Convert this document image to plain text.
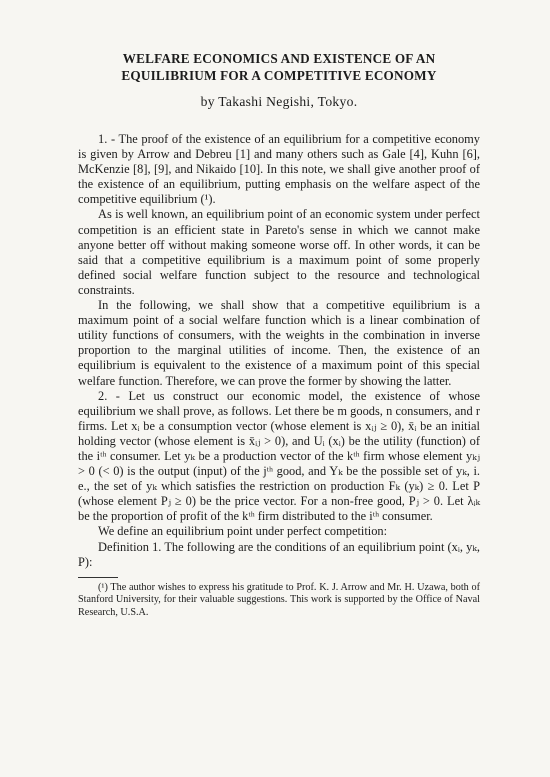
WELFARE ECONOMICS AND EXISTENCE OF AN
EQUILIBRIUM FOR A COMPETITIVE ECONOMY

by Takashi Negishi, Tokyo.

1. - The proof of the existence of an equilibrium for a competitive economy is given by Arrow and Debreu [1] and many others such as Gale [4], Kuhn [6], McKenzie [8], [9], and Nikaido [10]. In this note, we shall give another proof of the existence of an equilibrium, putting emphasis on the welfare aspect of the competitive equilibrium (¹).

As is well known, an equilibrium point of an economic system under perfect competition is an efficient state in Pareto's sense in which we cannot make anyone better off without making someone worse off. In other words, it can be said that a competitive equilibrium is a maximum point of some properly defined social welfare function subject to the resource and technological constraints.

In the following, we shall show that a competitive equilibrium is a maximum point of a social welfare function which is a linear combination of utility functions of consumers, with the weights in the combination in inverse proportion to the marginal utilities of income. Then, the existence of an equilibrium is equivalent to the existence of a maximum point of this special welfare function. Therefore, we can prove the former by showing the latter.

2. - Let us construct our economic model, the existence of whose equilibrium we shall prove, as follows. Let there be m goods, n consumers, and r firms. Let xᵢ be a consumption vector (whose element is xᵢⱼ ≥ 0), x̄ᵢ be an initial holding vector (whose element is x̄ᵢⱼ > 0), and Uᵢ (xᵢ) be the utility (function) of the iᵗʰ consumer. Let yₖ be a production vector of the kᵗʰ firm whose element yₖⱼ > 0 (< 0) is the output (input) of the jᵗʰ good, and Yₖ be the possible set of yₖ, i. e., the set of yₖ which satisfies the restriction on production Fₖ (yₖ) ≥ 0. Let P (whose element Pⱼ ≥ 0) be the price vector. For a non-free good, Pⱼ > 0. Let λᵢₖ be the proportion of profit of the kᵗʰ firm distributed to the iᵗʰ consumer.

We define an equilibrium point under perfect competition:

Definition 1. The following are the conditions of an equilibrium point (xᵢ, yₖ, P):

(¹) The author wishes to express his gratitude to Prof. K. J. Arrow and Mr. H. Uzawa, both of Stanford University, for their valuable suggestions. This work is supported by the Office of Naval Research, U.S.A.
